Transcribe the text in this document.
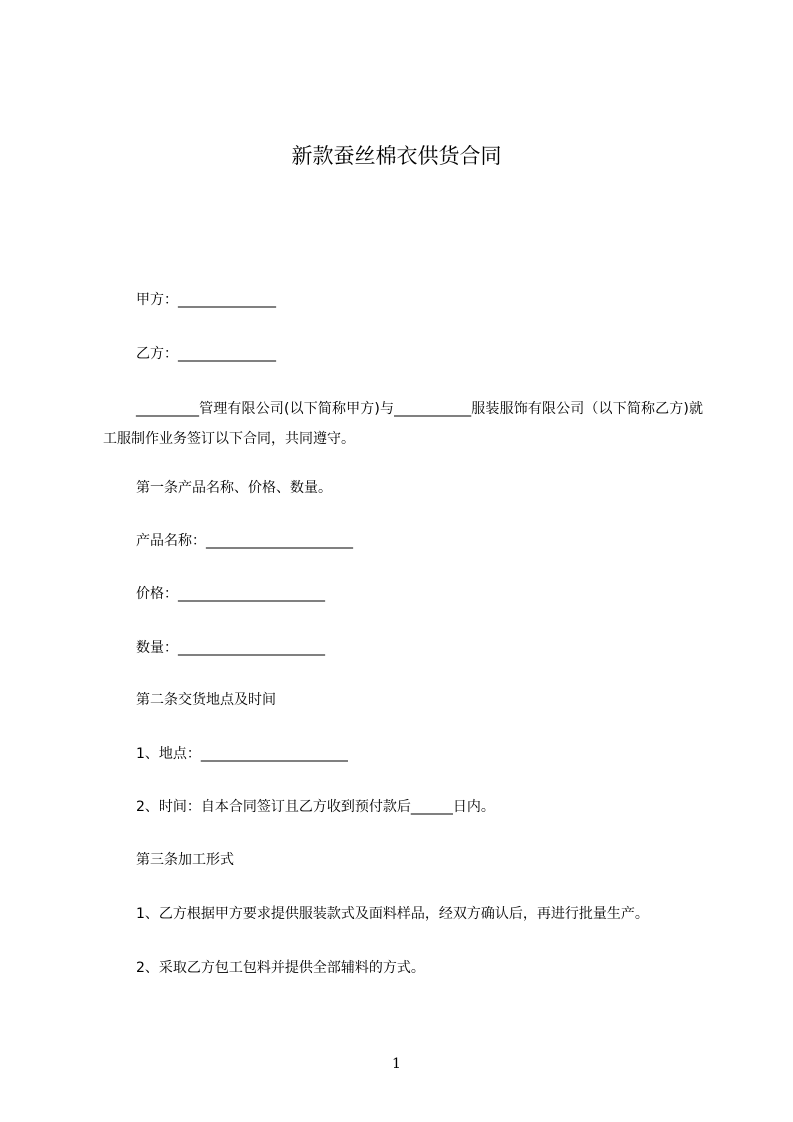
新款蚕丝棉衣供货合同
甲方：______________
乙方：______________
_________管理有限公司(以下简称甲方)与___________服装服饰有限公司（以下简称乙方)就工服制作业务签订以下合同，共同遵守。
第一条产品名称、价格、数量。
产品名称：_____________________
价格：_____________________
数量：_____________________
第二条交货地点及时间
1、地点：_____________________
2、时间：自本合同签订且乙方收到预付款后______日内。
第三条加工形式
1、乙方根据甲方要求提供服装款式及面料样品，经双方确认后，再进行批量生产。
2、采取乙方包工包料并提供全部辅料的方式。
1
